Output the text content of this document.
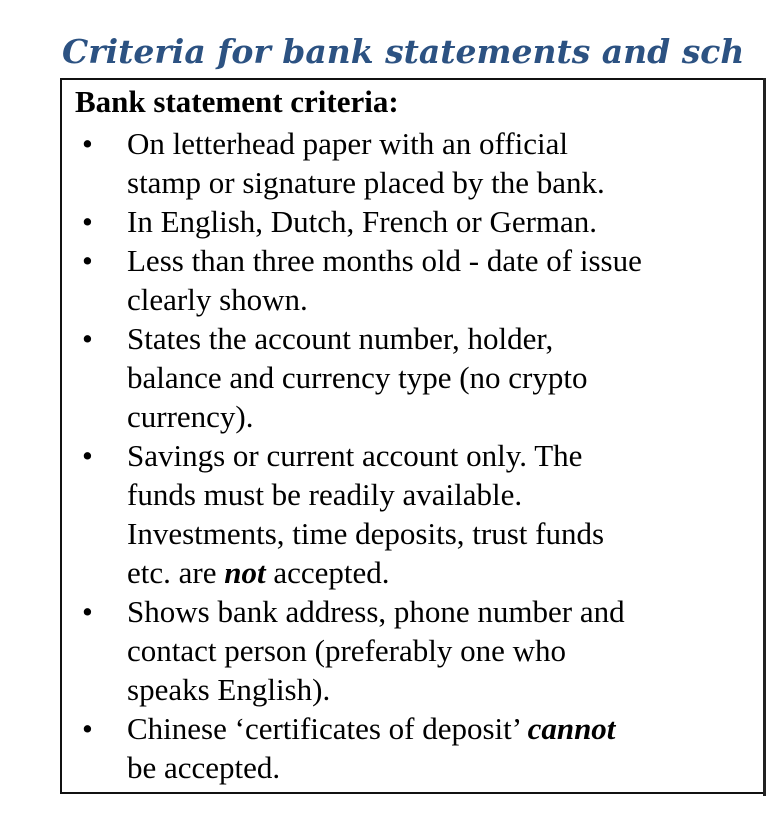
Criteria for bank statements and sch
Bank statement criteria:
• On letterhead paper with an official
stamp or signature placed by the bank.
• In English, Dutch, French or German.
• Less than three months old - date of issue
clearly shown.
• States the account number, holder,
balance and currency type (no crypto
currency).
• Savings or current account only. The
funds must be readily available.
Investments, time deposits, trust funds
etc. are not accepted.
• Shows bank address, phone number and
contact person (preferably one who
speaks English).
• Chinese ‘certificates of deposit’ cannot
be accepted.
